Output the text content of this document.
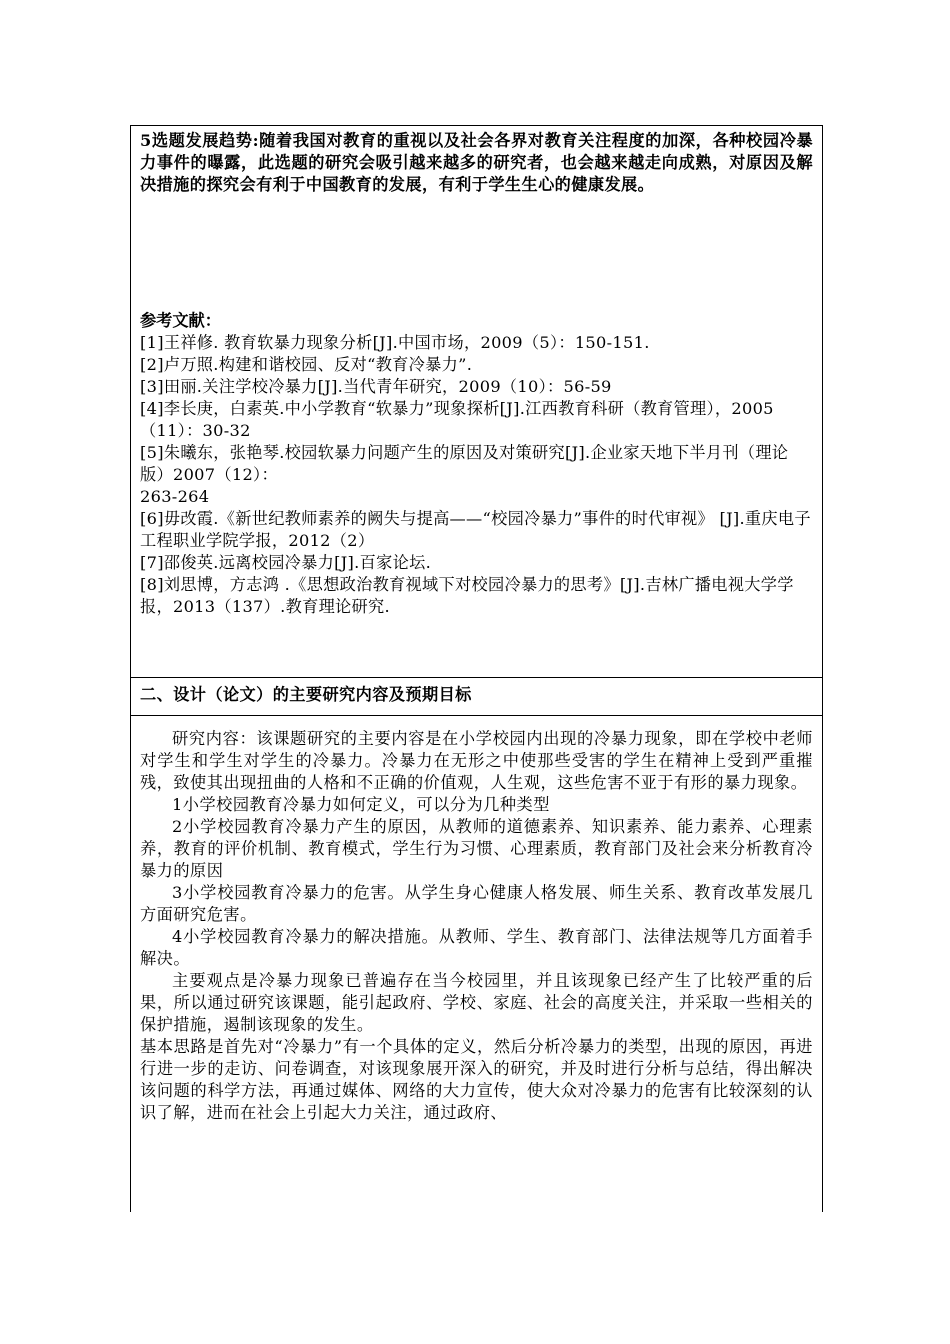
5选题发展趋势:随着我国对教育的重视以及社会各界对教育关注程度的加深，各种校园冷暴力事件的曝露，此选题的研究会吸引越来越多的研究者，也会越来越走向成熟，对原因及解决措施的探究会有利于中国教育的发展，有利于学生生心的健康发展。
参考文献：
[1]王祥修. 教育软暴力现象分析[J].中国市场，2009（5）：150-151.
[2]卢万照.构建和谐校园、反对“教育冷暴力”.
[3]田丽.关注学校冷暴力[J].当代青年研究，2009（10）：56-59
[4]李长庚，白素英.中小学教育“软暴力”现象探析[J].江西教育科研（教育管理），2005（11）：30-32
[5]朱曦东，张艳琴.校园软暴力问题产生的原因及对策研究[J].企业家天地下半月刊（理论版）2007（12）：
263-264
[6]毋改霞.《新世纪教师素养的阙失与提高——“校园冷暴力”事件的时代审视》 [J].重庆电子工程职业学院学报，2012（2）
[7]邵俊英.远离校园冷暴力[J].百家论坛.
[8]刘思博，方志鸿 .《思想政治教育视域下对校园冷暴力的思考》[J].吉林广播电视大学学报，2013（137）.教育理论研究.
二、设计（论文）的主要研究内容及预期目标

研究内容：该课题研究的主要内容是在小学校园内出现的冷暴力现象，即在学校中老师对学生和学生对学生的冷暴力。冷暴力在无形之中使那些受害的学生在精神上受到严重摧残，致使其出现扭曲的人格和不正确的价值观，人生观，这些危害不亚于有形的暴力现象。

1小学校园教育冷暴力如何定义，可以分为几种类型

2小学校园教育冷暴力产生的原因，从教师的道德素养、知识素养、能力素养、心理素养，教育的评价机制、教育模式，学生行为习惯、心理素质，教育部门及社会来分析教育冷暴力的原因

3小学校园教育冷暴力的危害。从学生身心健康人格发展、师生关系、教育改革发展几方面研究危害。

4小学校园教育冷暴力的解决措施。从教师、学生、教育部门、法律法规等几方面着手解决。

主要观点是冷暴力现象已普遍存在当今校园里，并且该现象已经产生了比较严重的后果，所以通过研究该课题，能引起政府、学校、家庭、社会的高度关注，并采取一些相关的保护措施，遏制该现象的发生。

基本思路是首先对“冷暴力”有一个具体的定义，然后分析冷暴力的类型，出现的原因，再进行进一步的走访、问卷调查，对该现象展开深入的研究，并及时进行分析与总结，得出解决该问题的科学方法，再通过媒体、网络的大力宣传，使大众对冷暴力的危害有比较深刻的认识了解，进而在社会上引起大力关注，通过政府、
